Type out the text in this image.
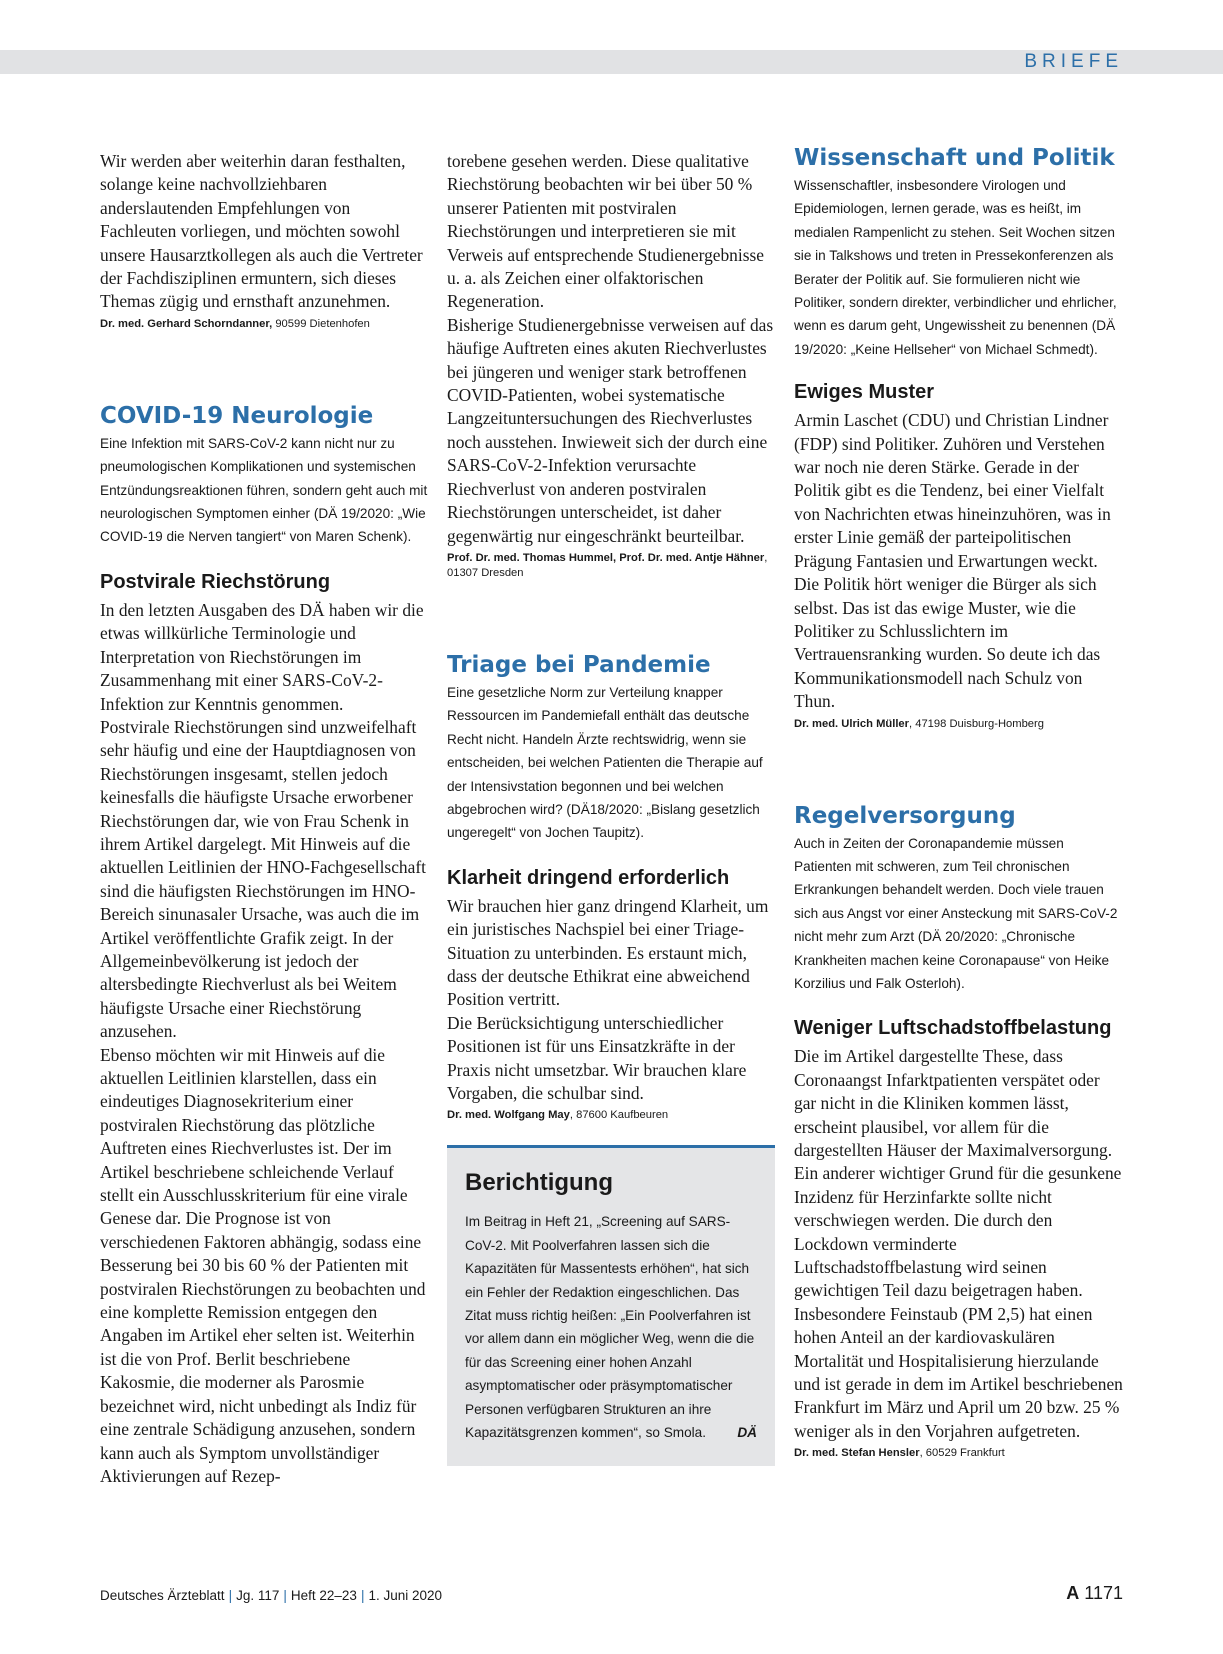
BRIEFE

Wir werden aber weiterhin daran festhalten, solange keine nachvollziehbaren anderslautenden Empfehlungen von Fachleuten vorliegen, und möchten sowohl unsere Hausarztkollegen als auch die Vertreter der Fachdisziplinen ermuntern, sich dieses Themas zügig und ernsthaft anzunehmen.

Dr. med. Gerhard Schorndanner, 90599 Dietenhofen

COVID-19 Neurologie

Eine Infektion mit SARS-CoV-2 kann nicht nur zu pneumologischen Komplikationen und systemischen Entzündungsreaktionen führen, sondern geht auch mit neurologischen Symptomen einher (DÄ 19/2020: „Wie COVID-19 die Nerven tangiert“ von Maren Schenk).

Postvirale Riechstörung

In den letzten Ausgaben des DÄ haben wir die etwas willkürliche Terminologie und Interpretation von Riechstörungen im Zusammenhang mit einer SARS-CoV-2-Infektion zur Kenntnis genommen.

Postvirale Riechstörungen sind unzweifelhaft sehr häufig und eine der Hauptdiagnosen von Riechstörungen insgesamt, stellen jedoch keinesfalls die häufigste Ursache erworbener Riechstörungen dar, wie von Frau Schenk in ihrem Artikel dargelegt. Mit Hinweis auf die aktuellen Leitlinien der HNO-Fachgesellschaft sind die häufigsten Riechstörungen im HNO-Bereich sinunasaler Ursache, was auch die im Artikel veröffentlichte Grafik zeigt. In der Allgemeinbevölkerung ist jedoch der altersbedingte Riechverlust als bei Weitem häufigste Ursache einer Riechstörung anzusehen.

Ebenso möchten wir mit Hinweis auf die aktuellen Leitlinien klarstellen, dass ein eindeutiges Diagnosekriterium einer postviralen Riechstörung das plötzliche Auftreten eines Riechverlustes ist. Der im Artikel beschriebene schleichende Verlauf stellt ein Ausschlusskriterium für eine virale Genese dar. Die Prognose ist von verschiedenen Faktoren abhängig, sodass eine Besserung bei 30 bis 60 % der Patienten mit postviralen Riechstörungen zu beobachten und eine komplette Remission entgegen den Angaben im Artikel eher selten ist. Weiterhin ist die von Prof. Berlit beschriebene Kakosmie, die moderner als Parosmie bezeichnet wird, nicht unbedingt als Indiz für eine zentrale Schädigung anzusehen, sondern kann auch als Symptom unvollständiger Aktivierungen auf Rezep-

torebene gesehen werden. Diese qualitative Riechstörung beobachten wir bei über 50 % unserer Patienten mit postviralen Riechstörungen und interpretieren sie mit Verweis auf entsprechende Studienergebnisse u. a. als Zeichen einer olfaktorischen Regeneration.

Bisherige Studienergebnisse verweisen auf das häufige Auftreten eines akuten Riechverlustes bei jüngeren und weniger stark betroffenen COVID-Patienten, wobei systematische Langzeituntersuchungen des Riechverlustes noch ausstehen. Inwieweit sich der durch eine SARS-CoV-2-Infektion verursachte Riechverlust von anderen postviralen Riechstörungen unterscheidet, ist daher gegenwärtig nur eingeschränkt beurteilbar.

Prof. Dr. med. Thomas Hummel, Prof. Dr. med. Antje Hähner, 01307 Dresden

Triage bei Pandemie

Eine gesetzliche Norm zur Verteilung knapper Ressourcen im Pandemiefall enthält das deutsche Recht nicht. Handeln Ärzte rechtswidrig, wenn sie entscheiden, bei welchen Patienten die Therapie auf der Intensivstation begonnen und bei welchen abgebrochen wird? (DÄ18/2020: „Bislang gesetzlich ungeregelt“ von Jochen Taupitz).

Klarheit dringend erforderlich

Wir brauchen hier ganz dringend Klarheit, um ein juristisches Nachspiel bei einer Triage-Situation zu unterbinden. Es erstaunt mich, dass der deutsche Ethikrat eine abweichend Position vertritt.

Die Berücksichtigung unterschiedlicher Positionen ist für uns Einsatzkräfte in der Praxis nicht umsetzbar. Wir brauchen klare Vorgaben, die schulbar sind.

Dr. med. Wolfgang May, 87600 Kaufbeuren

Berichtigung

Im Beitrag in Heft 21, „Screening auf SARS-CoV-2. Mit Poolverfahren lassen sich die Kapazitäten für Massentests erhöhen“, hat sich ein Fehler der Redaktion eingeschlichen. Das Zitat muss richtig heißen: „Ein Poolverfahren ist vor allem dann ein möglicher Weg, wenn die die für das Screening einer hohen Anzahl asymptomatischer oder präsymptomatischer Personen verfügbaren Strukturen an ihre Kapazitätsgrenzen kommen“, so Smola. DÄ

Wissenschaft und Politik

Wissenschaftler, insbesondere Virologen und Epidemiologen, lernen gerade, was es heißt, im medialen Rampenlicht zu stehen. Seit Wochen sitzen sie in Talkshows und treten in Pressekonferenzen als Berater der Politik auf. Sie formulieren nicht wie Politiker, sondern direkter, verbindlicher und ehrlicher, wenn es darum geht, Ungewissheit zu benennen (DÄ 19/2020: „Keine Hellseher“ von Michael Schmedt).

Ewiges Muster

Armin Laschet (CDU) und Christian Lindner (FDP) sind Politiker. Zuhören und Verstehen war noch nie deren Stärke. Gerade in der Politik gibt es die Tendenz, bei einer Vielfalt von Nachrichten etwas hineinzuhören, was in erster Linie gemäß der parteipolitischen Prägung Fantasien und Erwartungen weckt. Die Politik hört weniger die Bürger als sich selbst. Das ist das ewige Muster, wie die Politiker zu Schlusslichtern im Vertrauensranking wurden. So deute ich das Kommunikationsmodell nach Schulz von Thun.

Dr. med. Ulrich Müller, 47198 Duisburg-Homberg

Regelversorgung

Auch in Zeiten der Coronapandemie müssen Patienten mit schweren, zum Teil chronischen Erkrankungen behandelt werden. Doch viele trauen sich aus Angst vor einer Ansteckung mit SARS-CoV-2 nicht mehr zum Arzt (DÄ 20/2020: „Chronische Krankheiten machen keine Coronapause“ von Heike Korzilius und Falk Osterloh).

Weniger Luftschadstoffbelastung

Die im Artikel dargestellte These, dass Coronaangst Infarktpatienten verspätet oder gar nicht in die Kliniken kommen lässt, erscheint plausibel, vor allem für die dargestellten Häuser der Maximalversorgung.

Ein anderer wichtiger Grund für die gesunkene Inzidenz für Herzinfarkte sollte nicht verschwiegen werden. Die durch den Lockdown verminderte Luftschadstoffbelastung wird seinen gewichtigen Teil dazu beigetragen haben. Insbesondere Feinstaub (PM 2,5) hat einen hohen Anteil an der kardiovaskulären Mortalität und Hospitalisierung hierzulande und ist gerade in dem im Artikel beschriebenen Frankfurt im März und April um 20 bzw. 25 % weniger als in den Vorjahren aufgetreten.

Dr. med. Stefan Hensler, 60529 Frankfurt

Deutsches Ärzteblatt | Jg. 117 | Heft 22–23 | 1. Juni 2020	A 1171
